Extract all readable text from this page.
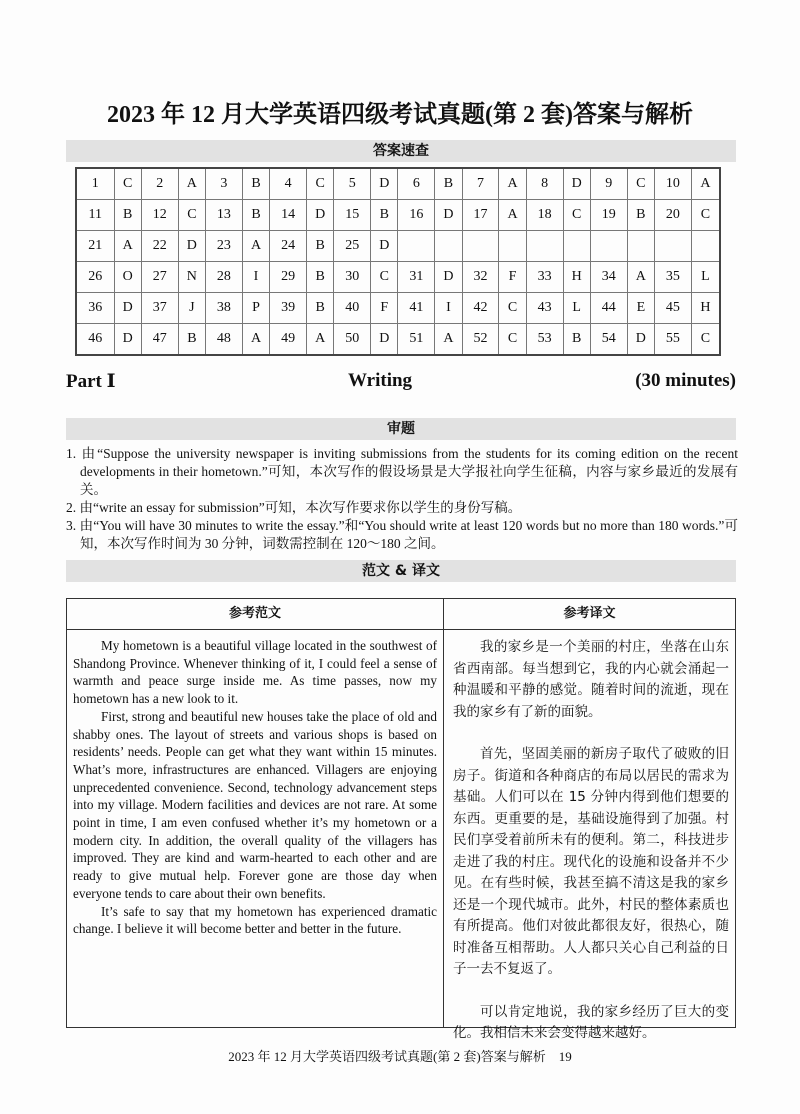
2023 年 12 月大学英语四级考试真题(第 2 套)答案与解析
答案速查
1	C	2	A	3	B	4	C	5	D	6	B	7	A	8	D	9	C	10	A
11	B	12	C	13	B	14	D	15	B	16	D	17	A	18	C	19	B	20	C
21	A	22	D	23	A	24	B	25	D										
26	O	27	N	28	I	29	B	30	C	31	D	32	F	33	H	34	A	35	L
36	D	37	J	38	P	39	B	40	F	41	I	42	C	43	L	44	E	45	H
46	D	47	B	48	A	49	A	50	D	51	A	52	C	53	B	54	D	55	C
Part Ⅰ	Writing	(30 minutes)
审题
1. 由“Suppose the university newspaper is inviting submissions from the students for its coming edition on the recent developments in their hometown.”可知，本次写作的假设场景是大学报社向学生征稿，内容与家乡最近的发展有关。
2. 由“write an essay for submission”可知，本次写作要求你以学生的身份写稿。
3. 由“You will have 30 minutes to write the essay.”和“You should write at least 120 words but no more than 180 words.”可知，本次写作时间为 30 分钟，词数需控制在 120～180 之间。
范文 & 译文
参考范文	参考译文

My hometown is a beautiful village located in the southwest of Shandong Province. Whenever thinking of it, I could feel a sense of warmth and peace surge inside me. As time passes, now my hometown has a new look to it.

First, strong and beautiful new houses take the place of old and shabby ones. The layout of streets and various shops is based on residents’ needs. People can get what they want within 15 minutes. What’s more, infrastructures are enhanced. Villagers are enjoying unprecedented convenience. Second, technology advancement steps into my village. Modern facilities and devices are not rare. At some point in time, I am even confused whether it’s my hometown or a modern city. In addition, the overall quality of the villagers has improved. They are kind and warm-hearted to each other and are ready to give mutual help. Forever gone are those day when everyone tends to care about their own benefits.

It’s safe to say that my hometown has experienced dramatic change. I believe it will become better and better in the future.

我的家乡是一个美丽的村庄，坐落在山东省西南部。每当想到它，我的内心就会涌起一种温暖和平静的感觉。随着时间的流逝，现在我的家乡有了新的面貌。

首先，坚固美丽的新房子取代了破败的旧房子。街道和各种商店的布局以居民的需求为基础。人们可以在 15 分钟内得到他们想要的东西。更重要的是，基础设施得到了加强。村民们享受着前所未有的便利。第二，科技进步走进了我的村庄。现代化的设施和设备并不少见。在有些时候，我甚至搞不清这是我的家乡还是一个现代城市。此外，村民的整体素质也有所提高。他们对彼此都很友好，很热心，随时准备互相帮助。人人都只关心自己利益的日子一去不复返了。

可以肯定地说，我的家乡经历了巨大的变化。我相信未来会变得越来越好。

2023 年 12 月大学英语四级考试真题(第 2 套)答案与解析　19
